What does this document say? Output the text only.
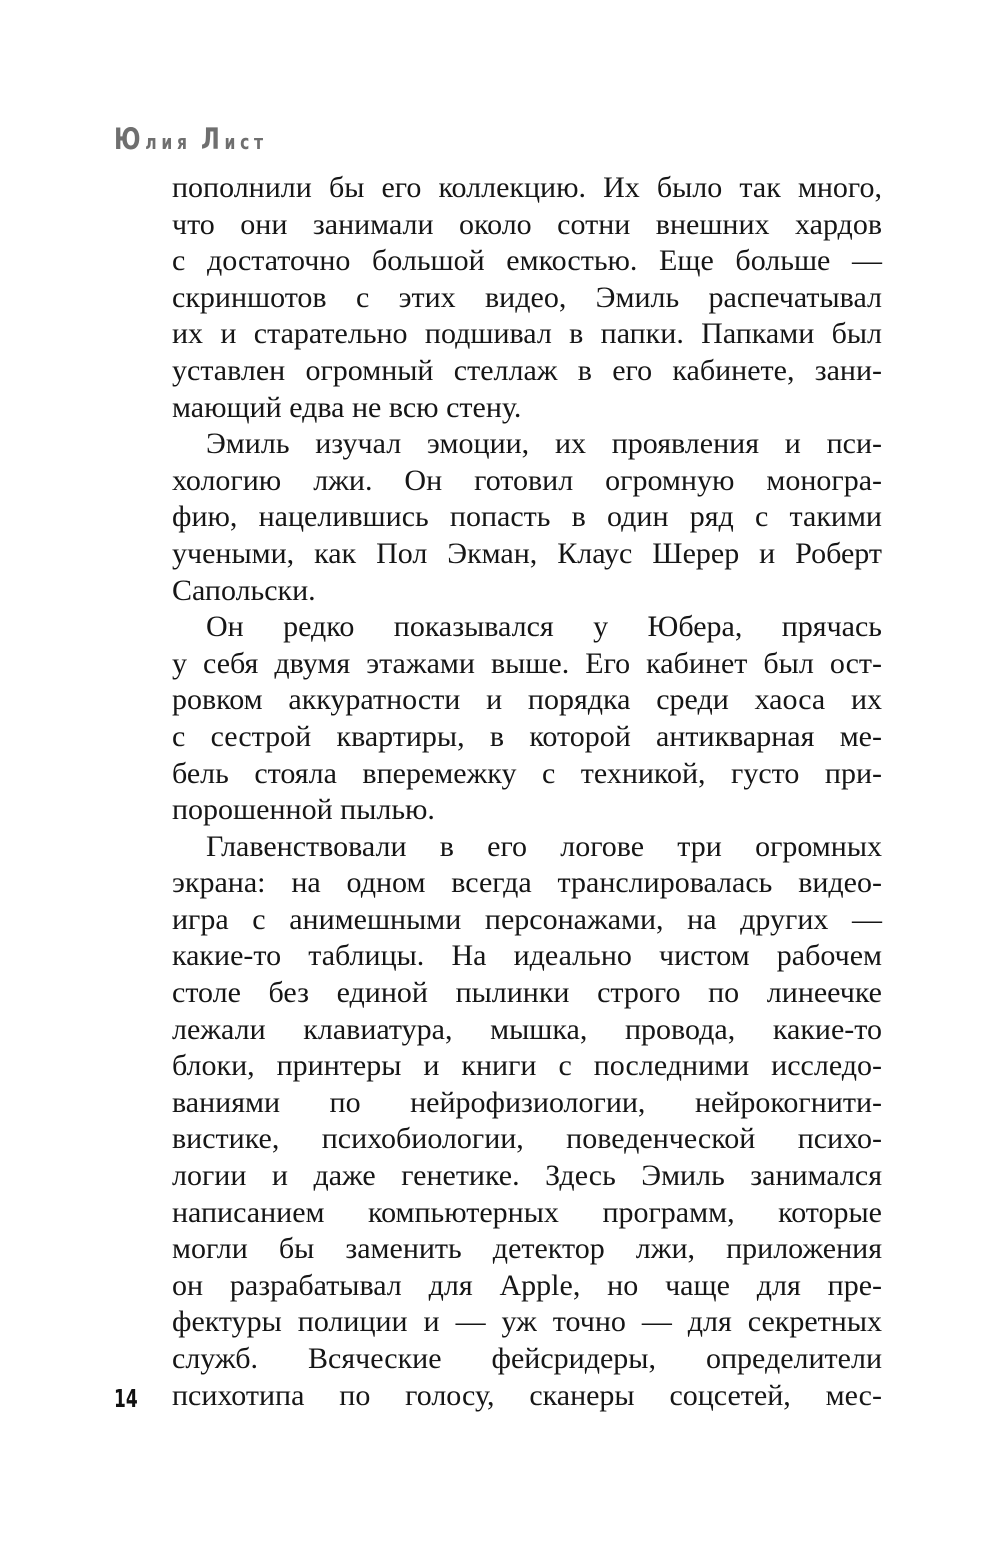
Юлия Лист
пополнили бы его коллекцию. Их было так много,
что они занимали около сотни внешних хардов
с достаточно большой емкостью. Еще больше —
скриншотов с этих видео, Эмиль распечатывал
их и старательно подшивал в папки. Папками был
уставлен огромный стеллаж в его кабинете, зани-
мающий едва не всю стену.
Эмиль изучал эмоции, их проявления и пси-
хологию лжи. Он готовил огромную моногра-
фию, нацелившись попасть в один ряд с такими
учеными, как Пол Экман, Клаус Шерер и Роберт
Сапольски.
Он редко показывался у Юбера, прячась
у себя двумя этажами выше. Его кабинет был ост-
ровком аккуратности и порядка среди хаоса их
с сестрой квартиры, в которой антикварная ме-
бель стояла вперемежку с техникой, густо при-
порошенной пылью.
Главенствовали в его логове три огромных
экрана: на одном всегда транслировалась видео-
игра с анимешными персонажами, на других —
какие-то таблицы. На идеально чистом рабочем
столе без единой пылинки строго по линеечке
лежали клавиатура, мышка, провода, какие-то
блоки, принтеры и книги с последними исследо-
ваниями по нейрофизиологии, нейрокогнити-
вистике, психобиологии, поведенческой психо-
логии и даже генетике. Здесь Эмиль занимался
написанием компьютерных программ, которые
могли бы заменить детектор лжи, приложения
он разрабатывал для Apple, но чаще для пре-
фектуры полиции и — уж точно — для секретных
служб. Всяческие фейсридеры, определители
психотипа по голосу, сканеры соцсетей, мес-
14
